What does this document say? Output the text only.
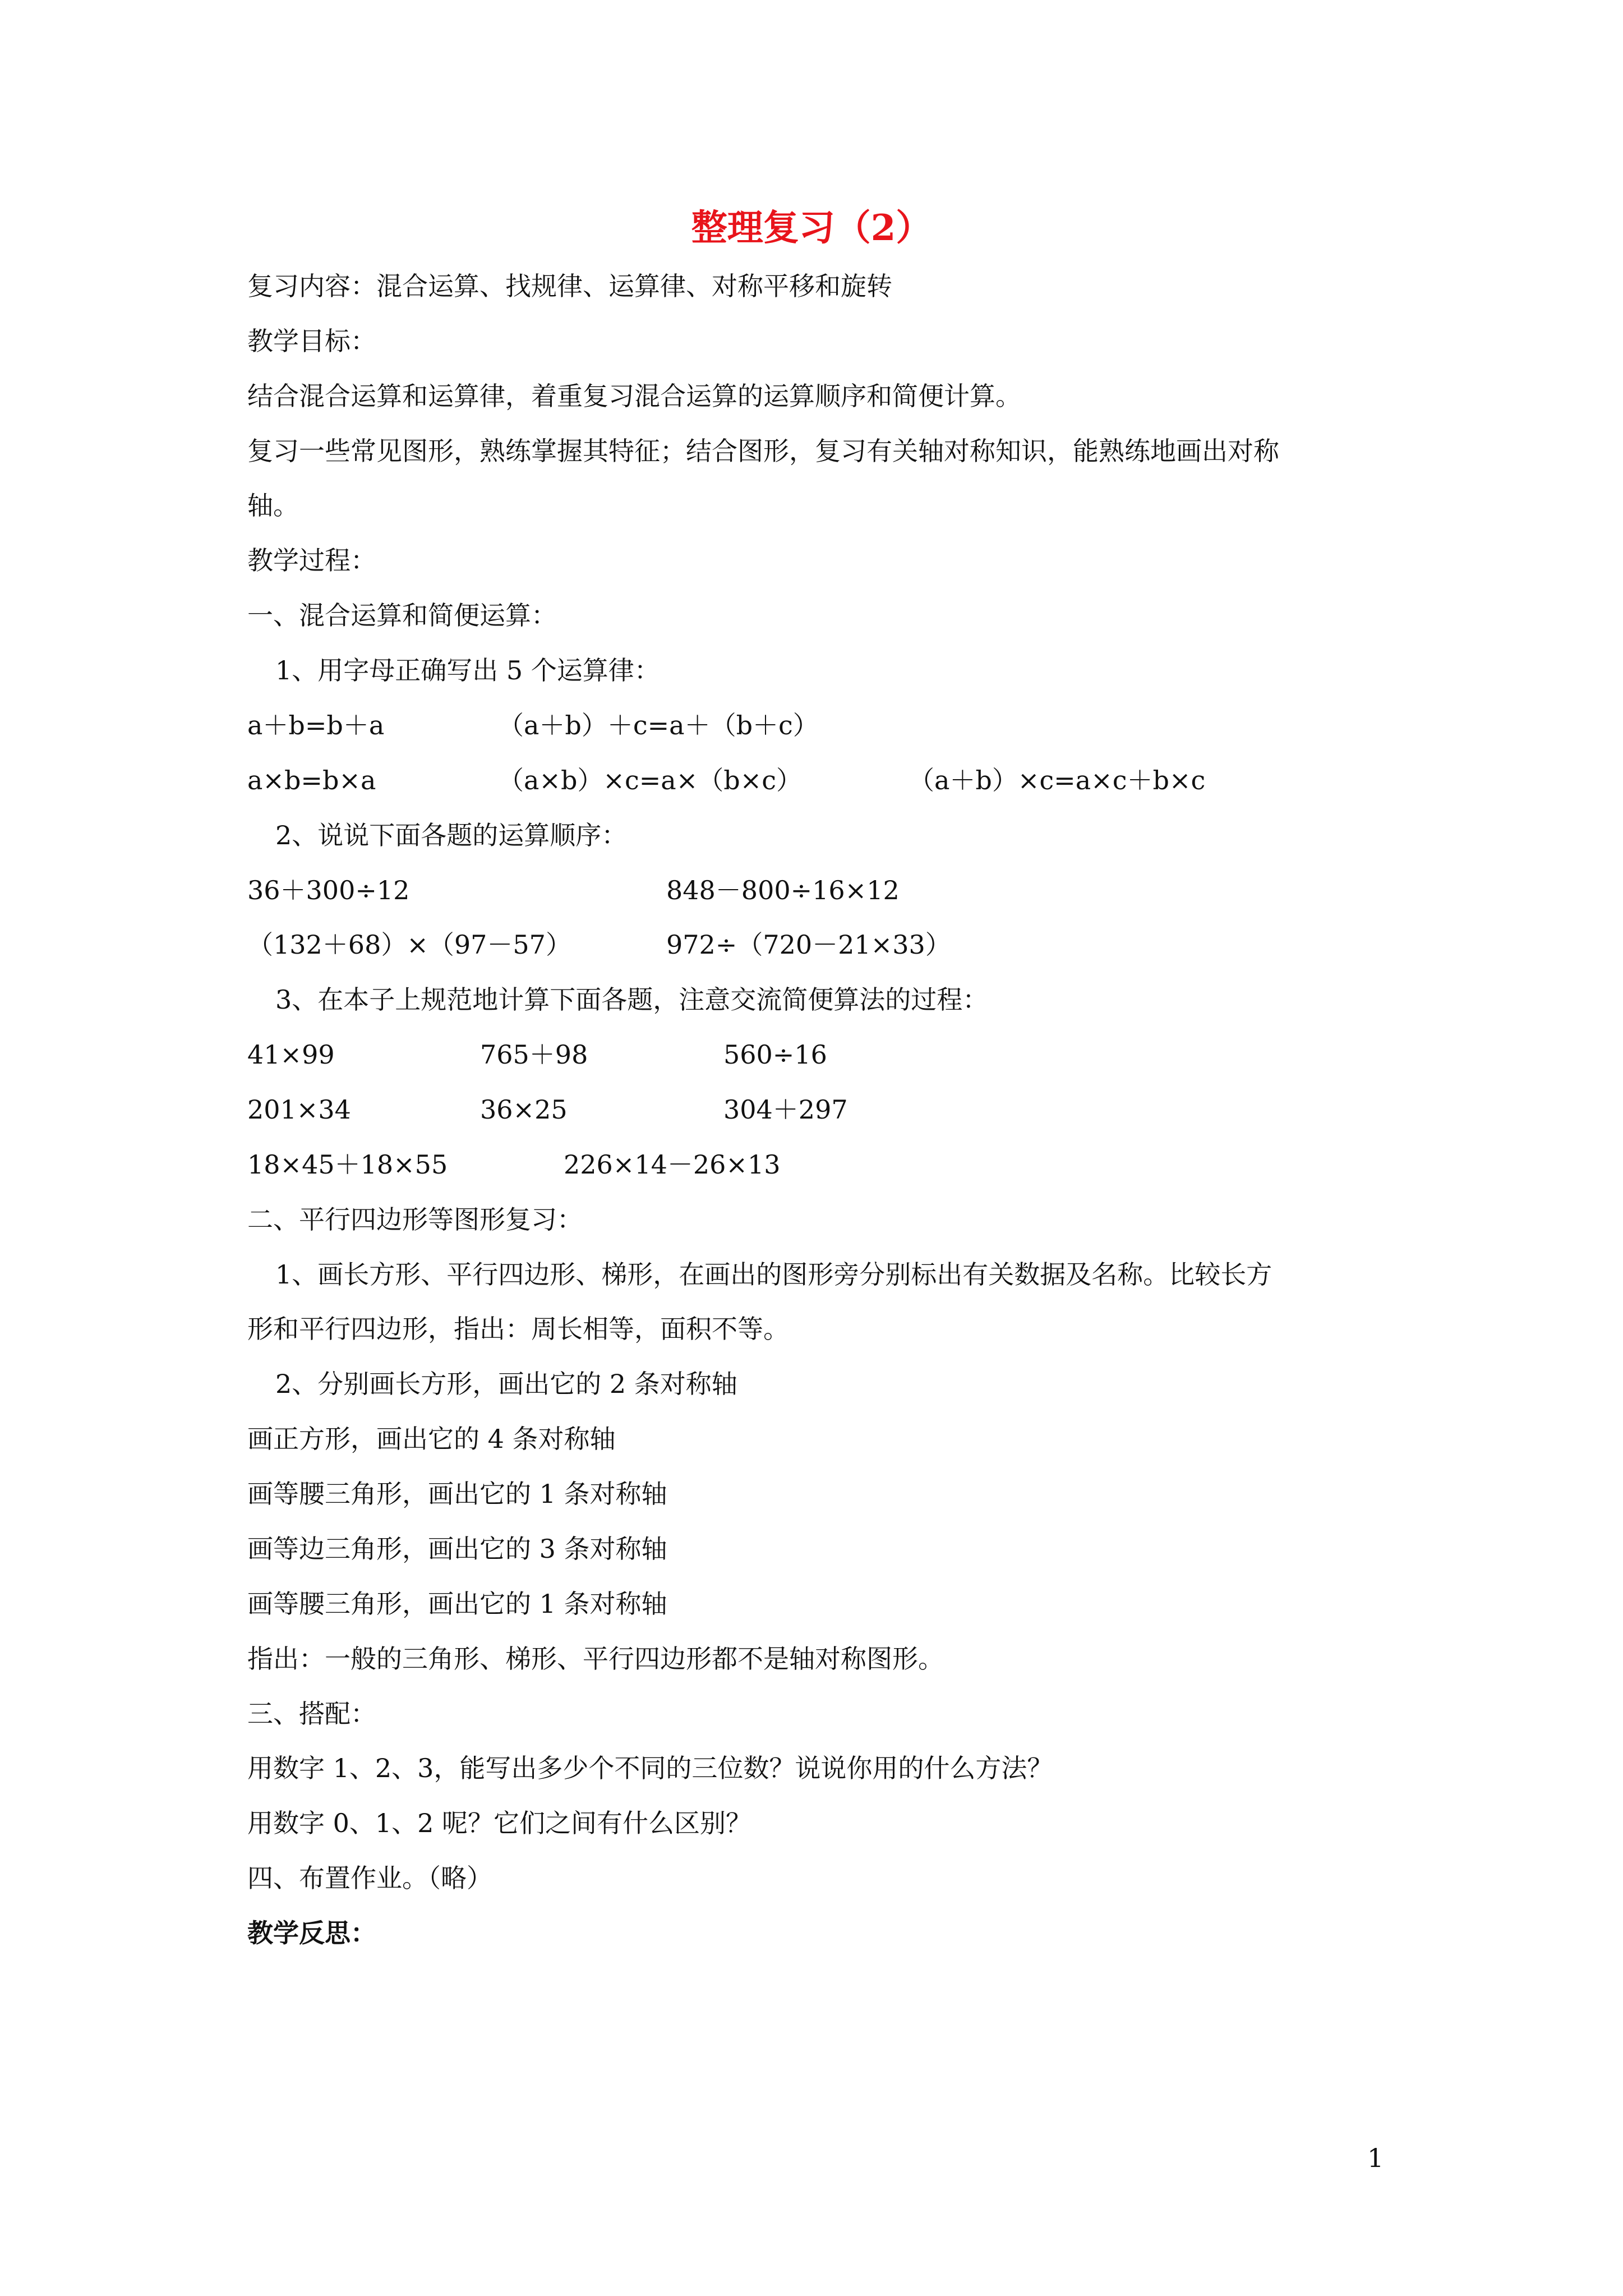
整理复习（2）
复习内容：混合运算、找规律、运算律、对称平移和旋转
教学目标：
结合混合运算和运算律，着重复习混合运算的运算顺序和简便计算。
复习一些常见图形，熟练掌握其特征；结合图形，复习有关轴对称知识，能熟练地画出对称
轴。
教学过程：
一、混合运算和简便运算：
1、用字母正确写出 5 个运算律：
a＋b=b＋a	（a＋b）＋c=a＋（b＋c）
a×b=b×a	（a×b）×c=a×（b×c）	（a＋b）×c=a×c＋b×c
2、说说下面各题的运算顺序：
36＋300÷12	848－800÷16×12
（132＋68）×（97－57）	972÷（720－21×33）
3、在本子上规范地计算下面各题，注意交流简便算法的过程：
41×99	765＋98	560÷16
201×34	36×25	304＋297
18×45＋18×55	226×14－26×13
二、平行四边形等图形复习：
1、画长方形、平行四边形、梯形，在画出的图形旁分别标出有关数据及名称。比较长方
形和平行四边形，指出：周长相等，面积不等。
2、分别画长方形，画出它的 2 条对称轴
画正方形，画出它的 4 条对称轴
画等腰三角形，画出它的 1 条对称轴
画等边三角形，画出它的 3 条对称轴
画等腰三角形，画出它的 1 条对称轴
指出：一般的三角形、梯形、平行四边形都不是轴对称图形。
三、搭配：
用数字 1、2、3，能写出多少个不同的三位数？说说你用的什么方法？
用数字 0、1、2 呢？它们之间有什么区别？
四、布置作业。（略）
教学反思：
1
